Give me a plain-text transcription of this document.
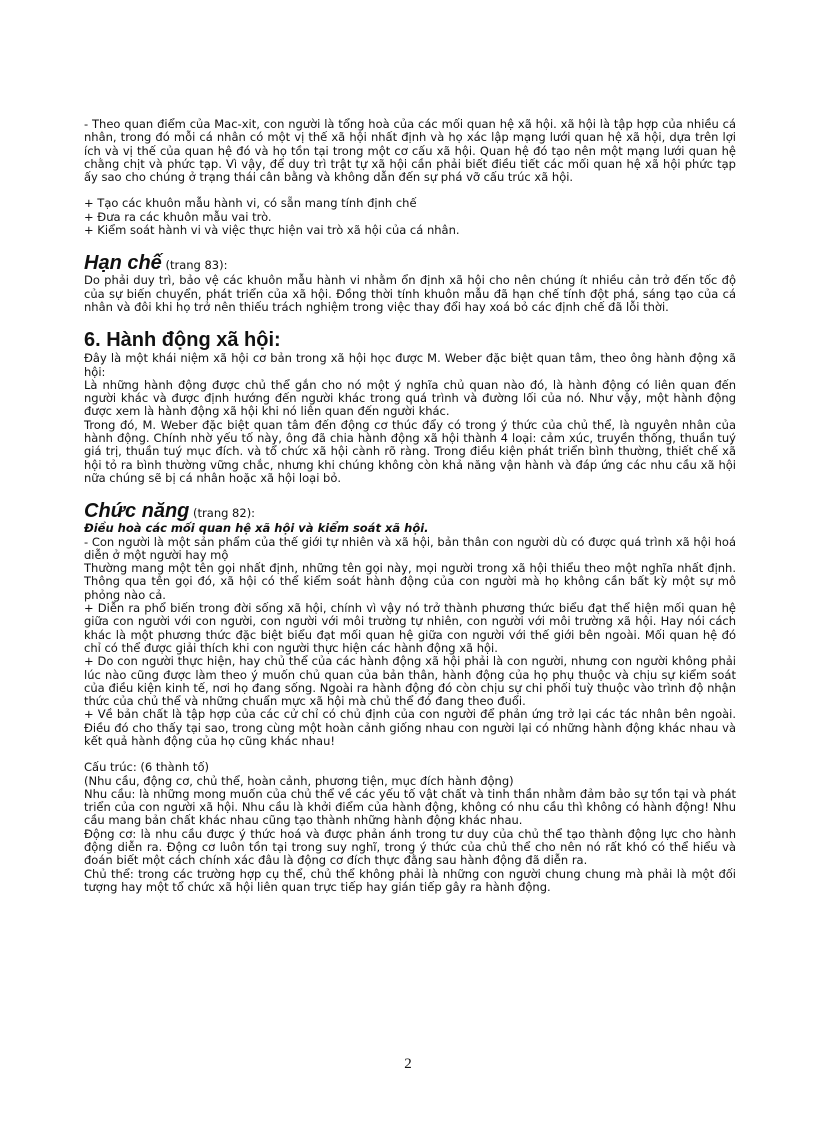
- Theo quan điểm của Mac-xit, con người là tổng hoà của các mối quan hệ xã hội. xã hội là tập hợp của nhiều cá nhân, trong đó mỗi cá nhân có một vị thế xã hội nhất định và họ xác lập mạng lưới quan hệ xã hội, dựa trên lợi ích và vị thế của quan hệ đó và họ tồn tại trong một cơ cấu xã hội. Quan hệ đó tạo nên một mạng lưới quan hệ chằng chịt và phức tạp. Vì vậy, để duy trì trật tự xã hội cần phải biết điều tiết các mối quan hệ xã hội phức tạp ấy sao cho chúng ở trạng thái cân bằng và không dẫn đến sự phá vỡ cấu trúc xã hội.

+ Tạo các khuôn mẫu hành vi, có sẵn mang tính định chế

+ Đưa ra các khuôn mẫu vai trò.

+ Kiểm soát hành vi và việc thực hiện vai trò xã hội của cá nhân.

Hạn chế (trang 83):

Do phải duy trì, bảo vệ các khuôn mẫu hành vi nhằm ổn định xã hội cho nên chúng ít nhiều cản trở đến tốc độ của sự biến chuyển, phát triển của xã hội. Đồng thời tính khuôn mẫu đã hạn chế tính đột phá, sáng tạo của cá nhân và đôi khi họ trở nên thiếu trách nghiệm trong việc thay đổi hay xoá bỏ các định chế đã lỗi thời.

6. Hành động xã hội:

Đây là một khái niệm xã hội cơ bản trong xã hội học được M. Weber đặc biệt quan tâm, theo ông hành động xã hội:

Là những hành động được chủ thể gắn cho nó một ý nghĩa chủ quan nào đó, là hành động có liên quan đến người khác và được định hướng đến người khác trong quá trình và đường lối của nó. Như vậy, một hành động được xem là hành động xã hội khi nó liên quan đến người khác.

Trong đó, M. Weber đặc biệt quan tâm đến động cơ thúc đẩy có trong ý thức của chủ thể, là nguyên nhân của hành động. Chính nhờ yếu tố này, ông đã chia hành động xã hội thành 4 loại: cảm xúc, truyền thống, thuần tuý giá trị, thuần tuý mục đích. và tổ chức xã hội cành rõ ràng. Trong điều kiện phát triển bình thường, thiết chế xã hội tỏ ra bình thường vững chắc, nhưng khi chúng không còn khả năng vận hành và đáp ứng các nhu cầu xã hội nữa chúng sẽ bị cá nhân hoặc xã hội loại bỏ.

Chức năng (trang 82):

Điều hoà các mối quan hệ xã hội và kiểm soát xã hội.

- Con người là một sản phẩm của thế giới tự nhiên và xã hội, bản thân con người dù có được quá trình xã hội hoá diễn ở một người hay mộ

Thường mang một tên gọi nhất định, những tên gọi này, mọi người trong xã hội thiểu theo một nghĩa nhất định. Thông qua tên gọi đó, xã hội có thể kiểm soát hành động của con người mà họ không cần bất kỳ một sự mô phỏng nào cả.

+ Diễn ra phổ biến trong đời sống xã hội, chính vì vậy nó trở thành phương thức biểu đạt thể hiện mối quan hệ giữa con người với con người, con người với môi trường tự nhiên, con người với môi trường xã hội. Hay nói cách khác là một phương thức đặc biệt biểu đạt mối quan hệ giữa con người với thế giới bên ngoài. Mối quan hệ đó chỉ có thể được giải thích khi con người thực hiện các hành động xã hội.

+ Do con người thực hiện, hay chủ thể của các hành động xã hội phải là con người, nhưng con người không phải lúc nào cũng được làm theo ý muốn chủ quan của bản thân, hành động của họ phụ thuộc và chịu sự kiểm soát của điều kiện kinh tế, nơi họ đang sống. Ngoài ra hành động đó còn chịu sự chi phối tuỳ thuộc vào trình độ nhận thức của chủ thể và những chuẩn mực xã hội mà chủ thể đó đang theo đuổi.

+ Về bản chất là tập hợp của các cử chỉ có chủ định của con người để phản ứng trở lại các tác nhân bên ngoài. Điều đó cho thấy tại sao, trong cùng một hoàn cảnh giống nhau con người lại có những hành động khác nhau và kết quả hành động của họ cũng khác nhau!

Cấu trúc: (6 thành tố)

(Nhu cầu, động cơ, chủ thể, hoàn cảnh, phương tiện, mục đích hành động)

Nhu cầu: là những mong muốn của chủ thể về các yếu tố vật chất và tinh thần nhằm đảm bảo sự tồn tại và phát triển của con người xã hội. Nhu cầu là khởi điểm của hành động, không có nhu cầu thì không có hành động! Nhu cầu mang bản chất khác nhau cũng tạo thành những hành động khác nhau.

Động cơ: là nhu cầu được ý thức hoá và được phản ánh trong tư duy của chủ thể tạo thành động lực cho hành động diễn ra. Động cơ luôn tồn tại trong suy nghĩ, trong ý thức của chủ thể cho nên nó rất khó có thể hiểu và đoán biết một cách chính xác đâu là động cơ đích thực đằng sau hành động đã diễn ra.

Chủ thể: trong các trường hợp cụ thể, chủ thể không phải là những con người chung chung mà phải là một đối tượng hay một tổ chức xã hội liên quan trực tiếp hay gián tiếp gây ra hành động.

2
